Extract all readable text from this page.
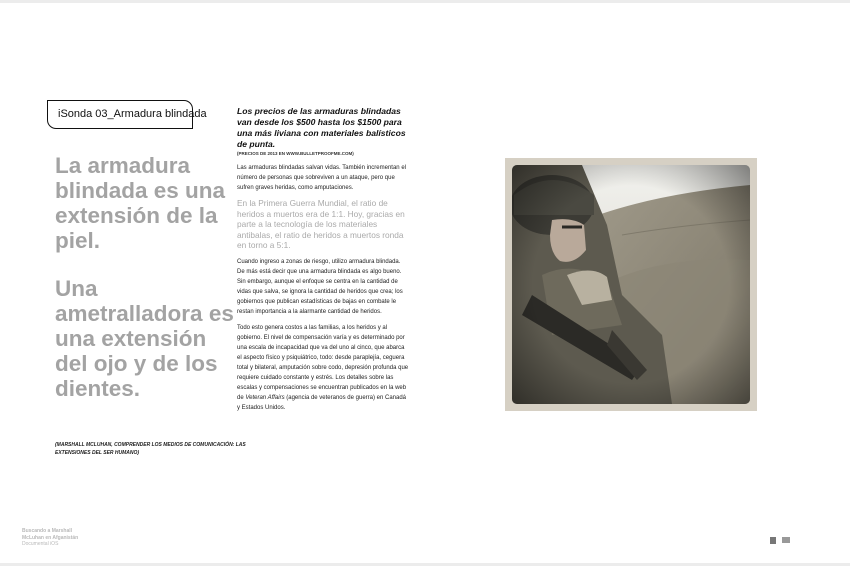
iSonda 03_Armadura blindada
La armadura blindada es una extensión de la piel.
Una ametralladora es una extensión del ojo y de los dientes.
(MARSHALL MCLUHAN, COMPRENDER LOS MEDIOS DE COMUNICACIÓN: LAS EXTENSIONES DEL SER HUMANO)
Los precios de las armaduras blindadas van desde los $500 hasta los $1500 para una más liviana con materiales balísticos de punta.
(PRECIOS DE 2013 EN WWW.BULLETPROOFME.COM)
Las armaduras blindadas salvan vidas. También incrementan el número de personas que sobreviven a un ataque, pero que sufren graves heridas, como amputaciones.
En la Primera Guerra Mundial, el ratio de heridos a muertos era de 1:1. Hoy, gracias en parte a la tecnología de los materiales antibalas, el ratio de heridos a muertos ronda en torno a 5:1.
Cuando ingreso a zonas de riesgo, utilizo armadura blindada. De más está decir que una armadura blindada es algo bueno. Sin embargo, aunque el enfoque se centra en la cantidad de vidas que salva, se ignora la cantidad de heridos que crea; los gobiernos que publican estadísticas de bajas en combate le restan importancia a la alarmante cantidad de heridos.
Todo esto genera costos a las familias, a los heridos y al gobierno. El nivel de compensación varía y es determinado por una escala de incapacidad que va del uno al cinco, que abarca el aspecto físico y psiquiátrico, todo: desde paraplejía, ceguera total y bilateral, amputación sobre codo, depresión profunda que requiere cuidado constante y estrés. Los detalles sobre las escalas y compensaciones se encuentran publicados en la web de Veteran Affairs (agencia de veteranos de guerra) en Canadá y Estados Unidos.
Buscando a Marshall
McLuhan en Afganistán
Documental iOS
